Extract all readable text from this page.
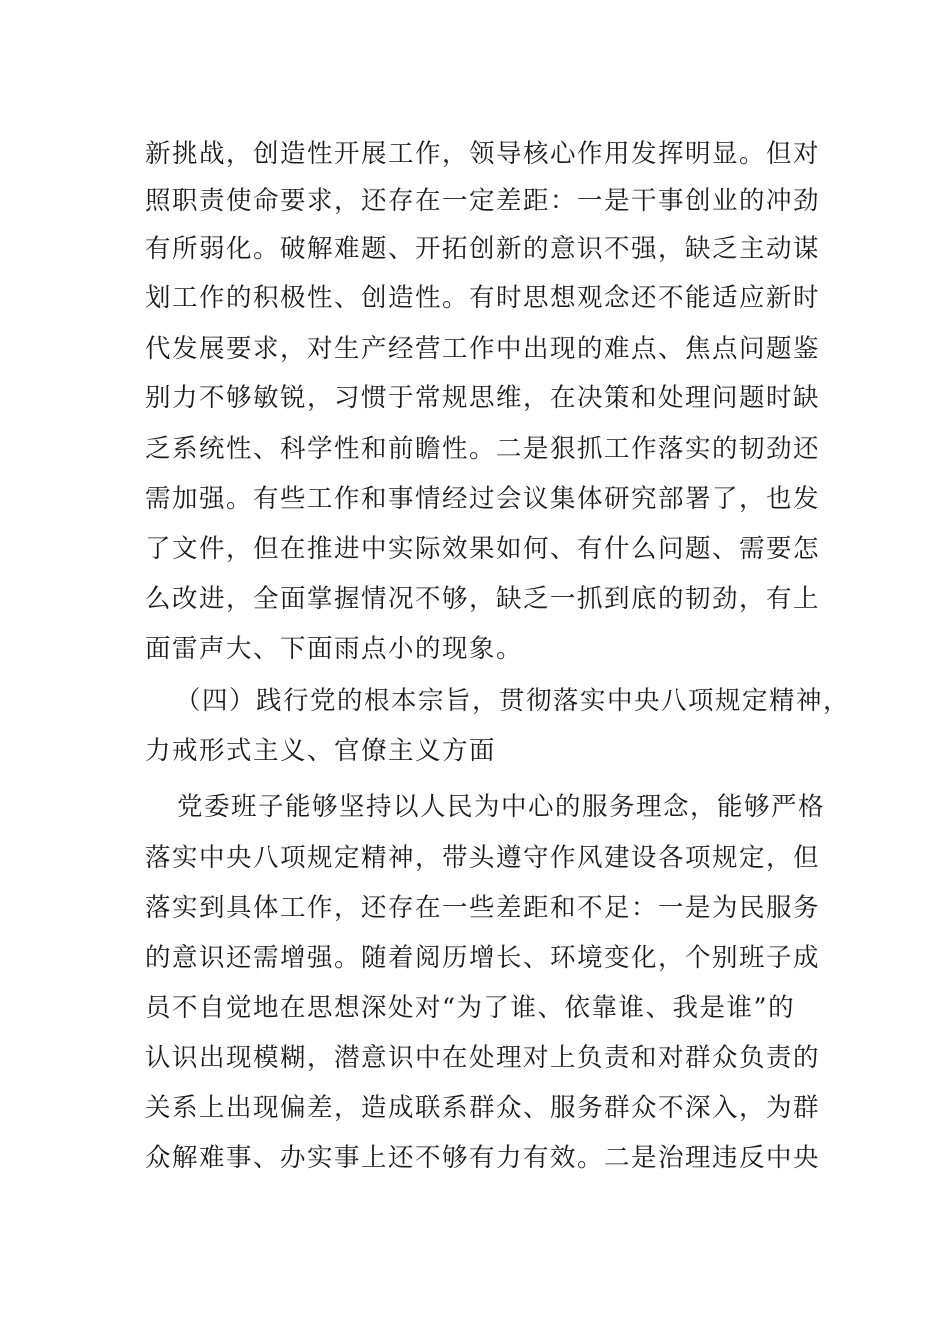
新挑战，创造性开展工作，领导核心作用发挥明显。但对
照职责使命要求，还存在一定差距：一是干事创业的冲劲
有所弱化。破解难题、开拓创新的意识不强，缺乏主动谋
划工作的积极性、创造性。有时思想观念还不能适应新时
代发展要求，对生产经营工作中出现的难点、焦点问题鉴
别力不够敏锐，习惯于常规思维，在决策和处理问题时缺
乏系统性、科学性和前瞻性。二是狠抓工作落实的韧劲还
需加强。有些工作和事情经过会议集体研究部署了，也发
了文件，但在推进中实际效果如何、有什么问题、需要怎
么改进，全面掌握情况不够，缺乏一抓到底的韧劲，有上
面雷声大、下面雨点小的现象。
（四）践行党的根本宗旨，贯彻落实中央八项规定精神，
力戒形式主义、官僚主义方面
党委班子能够坚持以人民为中心的服务理念，能够严格
落实中央八项规定精神，带头遵守作风建设各项规定，但
落实到具体工作，还存在一些差距和不足：一是为民服务
的意识还需增强。随着阅历增长、环境变化，个别班子成
员不自觉地在思想深处对“为了谁、依靠谁、我是谁”的
认识出现模糊，潜意识中在处理对上负责和对群众负责的
关系上出现偏差，造成联系群众、服务群众不深入，为群
众解难事、办实事上还不够有力有效。二是治理违反中央
